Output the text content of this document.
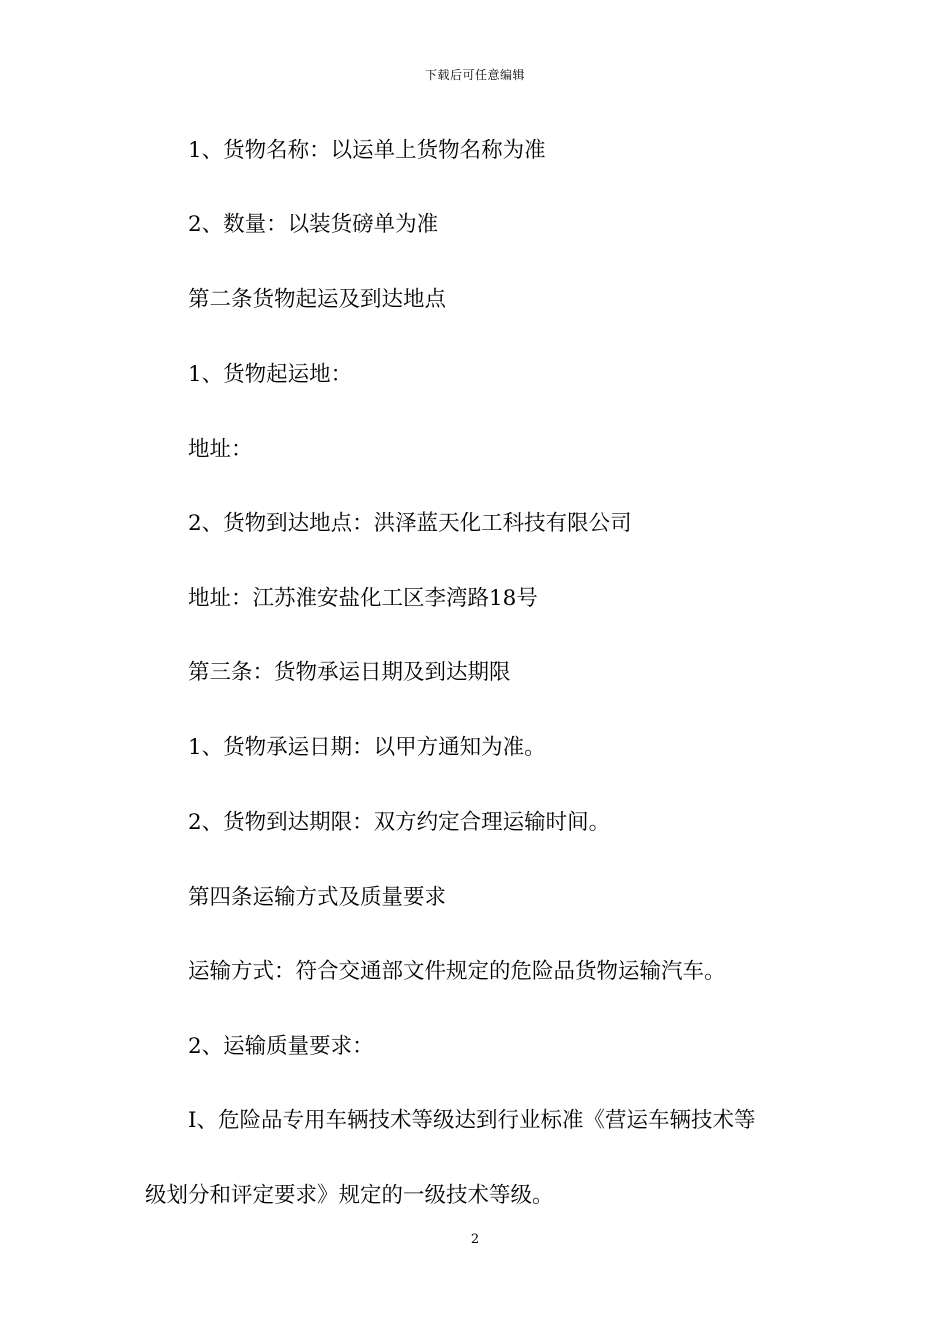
下载后可任意编辑
1、货物名称：以运单上货物名称为准
2、数量：以装货磅单为准
第二条货物起运及到达地点
1、货物起运地：
地址：
2、货物到达地点：洪泽蓝天化工科技有限公司
地址：江苏淮安盐化工区李湾路18号
第三条：货物承运日期及到达期限
1、货物承运日期：以甲方通知为准。
2、货物到达期限：双方约定合理运输时间。
第四条运输方式及质量要求
运输方式：符合交通部文件规定的危险品货物运输汽车。
2、运输质量要求：
Ⅰ、危险品专用车辆技术等级达到行业标准《营运车辆技术等
级划分和评定要求》规定的一级技术等级。
2
